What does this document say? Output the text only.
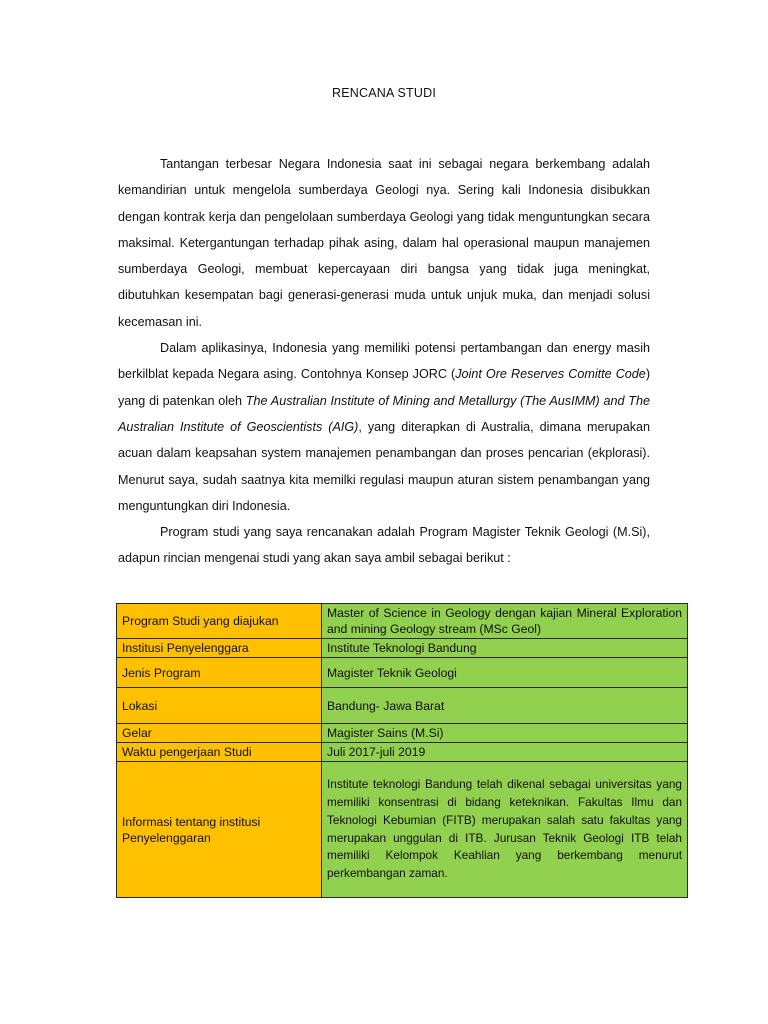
RENCANA STUDI

Tantangan terbesar Negara Indonesia saat ini sebagai negara berkembang adalah kemandirian untuk mengelola sumberdaya Geologi nya. Sering kali Indonesia disibukkan dengan kontrak kerja dan pengelolaan sumberdaya Geologi yang tidak menguntungkan secara maksimal. Ketergantungan terhadap pihak asing, dalam hal operasional maupun manajemen sumberdaya Geologi, membuat kepercayaan diri bangsa yang tidak juga meningkat, dibutuhkan kesempatan bagi generasi-generasi muda untuk unjuk muka, dan menjadi solusi kecemasan ini.

Dalam aplikasinya, Indonesia yang memiliki potensi pertambangan dan energy masih berkilblat kepada Negara asing. Contohnya Konsep JORC (Joint Ore Reserves Comitte Code) yang di patenkan oleh The Australian Institute of Mining and Metallurgy (The AusIMM) and The Australian Institute of Geoscientists (AIG), yang diterapkan di Australia, dimana merupakan acuan dalam keapsahan system manajemen penambangan dan proses pencarian (ekplorasi). Menurut saya, sudah saatnya kita memilki regulasi maupun aturan sistem penambangan yang menguntungkan diri Indonesia.

Program studi yang saya rencanakan adalah Program Magister Teknik Geologi (M.Si), adapun rincian mengenai studi yang akan saya ambil sebagai berikut :

Program Studi yang diajukan	Master of Science in Geology dengan kajian Mineral Exploration and mining Geology stream (MSc Geol)
Institusi Penyelenggara	Institute Teknologi Bandung
Jenis Program	Magister Teknik Geologi
Lokasi	Bandung- Jawa Barat
Gelar	Magister Sains (M.Si)
Waktu pengerjaan Studi	Juli 2017-juli 2019
Informasi tentang institusi Penyelenggaran	Institute teknologi Bandung telah dikenal sebagai universitas yang memiliki konsentrasi di bidang keteknikan. Fakultas Ilmu dan Teknologi Kebumian (FITB) merupakan salah satu fakultas yang merupakan unggulan di ITB. Jurusan Teknik Geologi ITB telah memiliki Kelompok Keahlian yang berkembang menurut perkembangan zaman.
